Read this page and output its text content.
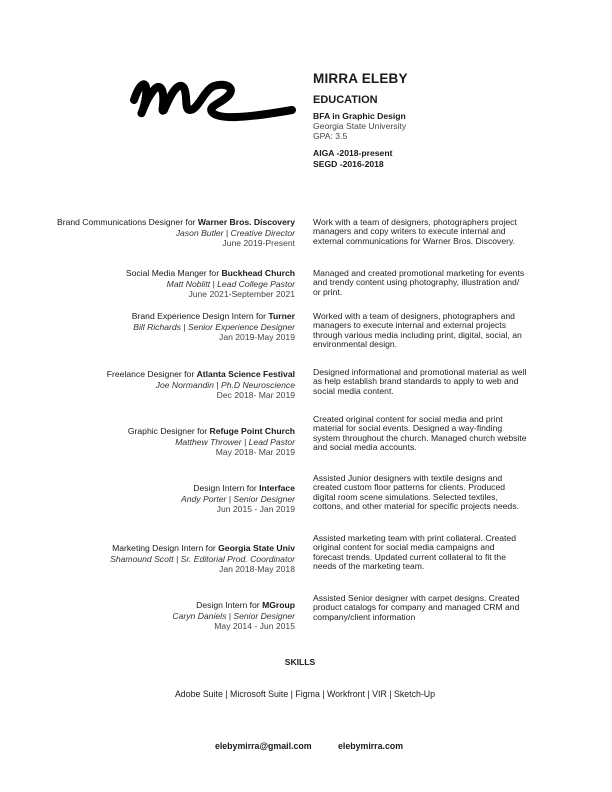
MIRRA ELEBY
EDUCATION
BFA in Graphic Design
Georgia State University
GPA: 3.5
AIGA -2018-present
SEGD -2016-2018
Brand Communications Designer for Warner Bros. Discovery
Jason Butler | Creative Director
June 2019-Present
Work with a team of designers, photographers project managers and copy writers to execute internal and external communications for Warner Bros. Discovery.
Social Media Manger for Buckhead Church
Matt Noblitt | Lead College Pastor
June 2021-September 2021
Managed and created promotional marketing for events and trendy content using photography, illustration and/ or print.
Brand Experience Design Intern for Turner
Bill Richards | Senior Experience Designer
Jan 2019-May 2019
Worked with a team of designers, photographers and managers to execute internal and external projects through various media including print, digital, social, an environmental design.
Freelance Designer for Atlanta Science Festival
Joe Normandin | Ph.D Neuroscience
Dec 2018- Mar 2019
Designed informational and promotional material as well as help establish brand standards to apply to web and social media content.
Graphic Designer for Refuge Point Church
Matthew Thrower | Lead Pastor
May 2018- Mar 2019
Created original content for social media and print material for social events. Designed a way-finding system throughout the church. Managed church website and social media accounts.
Design Intern for Interface
Andy Porter | Senior Designer
Jun 2015 - Jan 2019
Assisted Junior designers with textile designs and created custom floor patterns for clients. Produced digital room scene simulations. Selected textiles, cottons, and other material for specific projects needs.
Marketing Design Intern for Georgia State Univ
Shamound Scott | Sr. Editorial Prod. Coordinator
Jan 2018-May 2018
Assisted marketing team with print collateral. Created original content for social media campaigns and forecast trends. Updated current collateral to fit the needs of the marketing team.
Design Intern for MGroup
Caryn Daniels | Senior Designer
May 2014 - Jun 2015
Assisted Senior designer with carpet designs. Created product catalogs for company and managed CRM and company/client information
SKILLS
Adobe Suite | Microsoft Suite | Figma | Workfront | VIR | Sketch-Up
elebymirra@gmail.com	elebymirra.com
